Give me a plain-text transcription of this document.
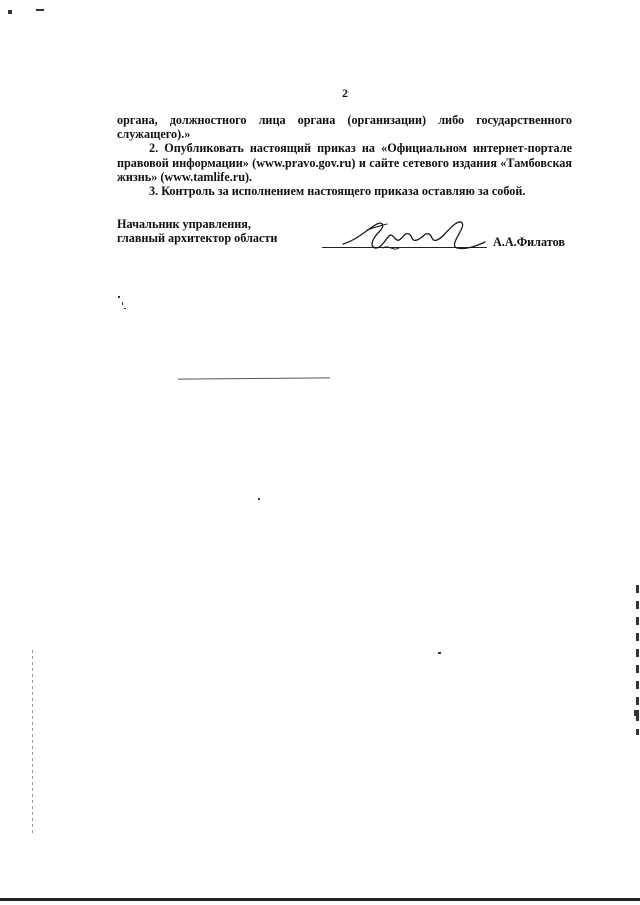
2

органа, должностного лица органа (организации) либо государственного служащего).»

2. Опубликовать настоящий приказ на «Официальном интернет-портале правовой информации» (www.pravo.gov.ru) и сайте сетевого издания «Тамбовская жизнь» (www.tamlife.ru).

3. Контроль за исполнением настоящего приказа оставляю за собой.

Начальник управления,
главный архитектор области	А.А.Филатов
